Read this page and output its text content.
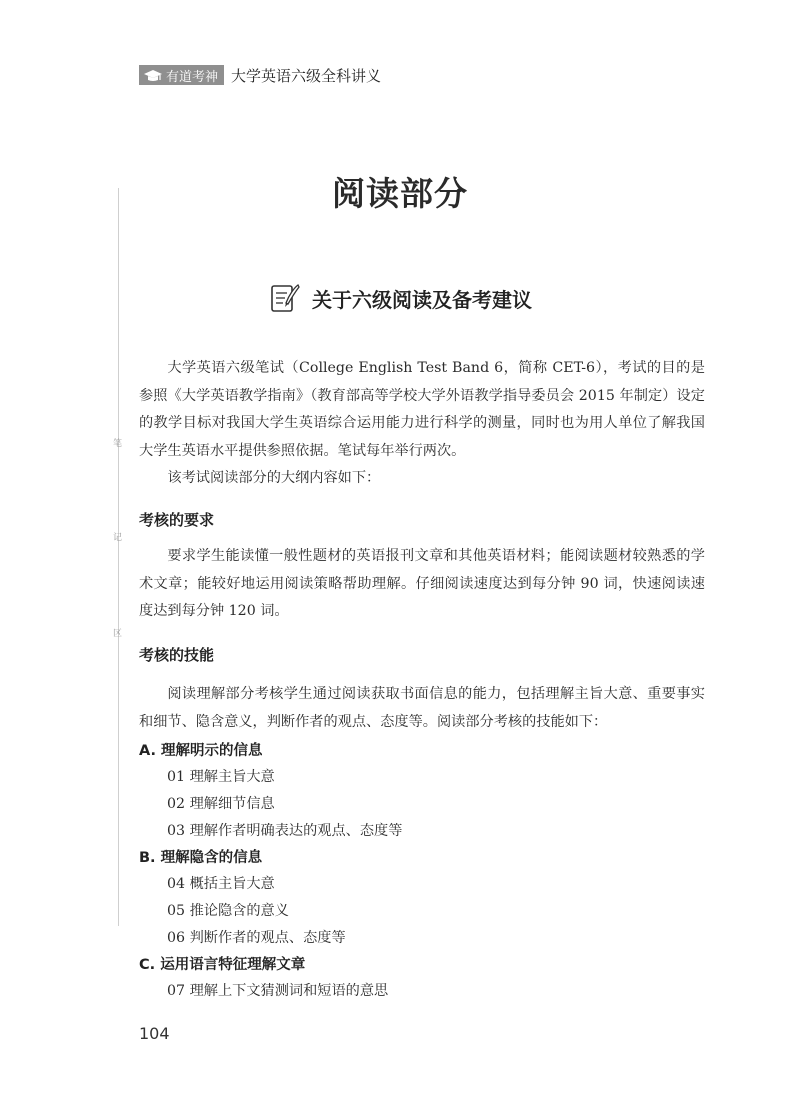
有道考神 大学英语六级全科讲义
笔
记
区
阅读部分
关于六级阅读及备考建议

大学英语六级笔试（College English Test Band 6，简称 CET-6），考试的目的是参照《大学英语教学指南》（教育部高等学校大学外语教学指导委员会 2015 年制定）设定的教学目标对我国大学生英语综合运用能力进行科学的测量，同时也为用人单位了解我国大学生英语水平提供参照依据。笔试每年举行两次。

该考试阅读部分的大纲内容如下：

考核的要求

要求学生能读懂一般性题材的英语报刊文章和其他英语材料；能阅读题材较熟悉的学术文章；能较好地运用阅读策略帮助理解。仔细阅读速度达到每分钟 90 词，快速阅读速度达到每分钟 120 词。

考核的技能

阅读理解部分考核学生通过阅读获取书面信息的能力，包括理解主旨大意、重要事实和细节、隐含意义，判断作者的观点、态度等。阅读部分考核的技能如下：

A. 理解明示的信息
01 理解主旨大意
02 理解细节信息
03 理解作者明确表达的观点、态度等
B. 理解隐含的信息
04 概括主旨大意
05 推论隐含的意义
06 判断作者的观点、态度等
C. 运用语言特征理解文章
07 理解上下文猜测词和短语的意思
104
